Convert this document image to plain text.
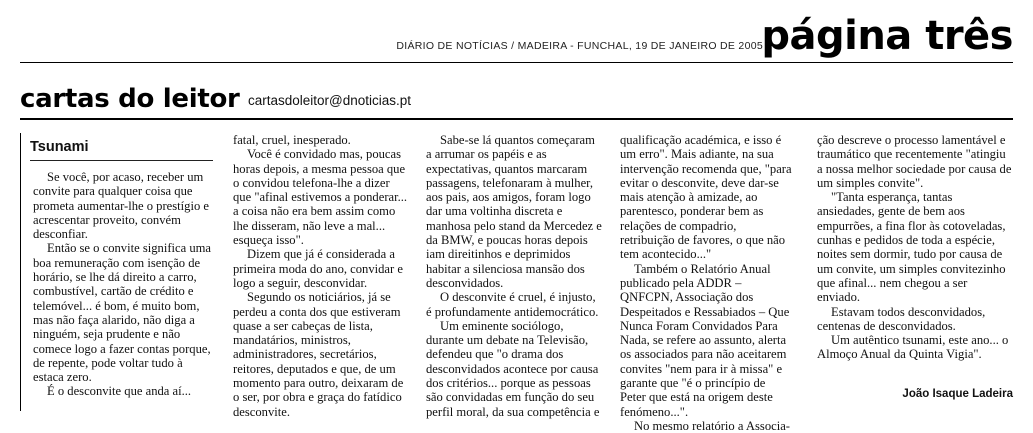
DIÁRIO DE NOTÍCIAS / MADEIRA - FUNCHAL, 19 DE JANEIRO DE 2005
página três
cartas do leitor cartasdoleitor@dnoticias.pt
Tsunami

Se você, por acaso, receber um convite para qualquer coisa que prometa aumentar-lhe o prestígio e acrescentar proveito, convém desconfiar.

Então se o convite significa uma boa remuneração com isenção de horário, se lhe dá direito a carro, combustível, cartão de crédito e telemóvel... é bom, é muito bom, mas não faça alarido, não diga a ninguém, seja prudente e não comece logo a fazer contas porque, de repente, pode voltar tudo à estaca zero.

É o desconvite que anda aí...

fatal, cruel, inesperado.

Você é convidado mas, poucas horas depois, a mesma pessoa que o convidou telefona-lhe a dizer que "afinal estivemos a ponderar... a coisa não era bem assim como lhe disseram, não leve a mal... esqueça isso".

Dizem que já é considerada a primeira moda do ano, convidar e logo a seguir, desconvidar.

Segundo os noticiários, já se perdeu a conta dos que estiveram quase a ser cabeças de lista, mandatários, ministros, administradores, secretários, reitores, deputados e que, de um momento para outro, deixaram de o ser, por obra e graça do fatídico desconvite.

Sabe-se lá quantos começaram a arrumar os papéis e as expectativas, quantos marcaram passagens, telefonaram à mulher, aos pais, aos amigos, foram logo dar uma voltinha discreta e manhosa pelo stand da Mercedez e da BMW, e poucas horas depois iam direitinhos e deprimidos habitar a silenciosa mansão dos desconvidados.

O desconvite é cruel, é injusto, é profundamente antidemocrático.

Um eminente sociólogo, durante um debate na Televisão, defendeu que "o drama dos desconvidados acontece por causa dos critérios... porque as pessoas são convidadas em função do seu perfil moral, da sua competência e

qualificação académica, e isso é um erro". Mais adiante, na sua intervenção recomenda que, "para evitar o desconvite, deve dar-se mais atenção à amizade, ao parentesco, ponderar bem as relações de compadrio, retribuição de favores, o que não tem acontecido..."

Também o Relatório Anual publicado pela ADDR – QNFCPN, Associação dos Despeitados e Ressabiados – Que Nunca Foram Convidados Para Nada, se refere ao assunto, alerta os associados para não aceitarem convites "nem para ir à missa" e garante que "é o princípio de Peter que está na origem deste fenómeno...".

No mesmo relatório a Associa-

ção descreve o processo lamentável e traumático que recentemente "atingiu a nossa melhor sociedade por causa de um simples convite".

"Tanta esperança, tantas ansiedades, gente de bem aos empurrões, a fina flor às cotoveladas, cunhas e pedidos de toda a espécie, noites sem dormir, tudo por causa de um convite, um simples convitezinho que afinal... nem chegou a ser enviado.

Estavam todos desconvidados, centenas de desconvidados.

Um autêntico tsunami, este ano... o Almoço Anual da Quinta Vigia".

João Isaque Ladeira
